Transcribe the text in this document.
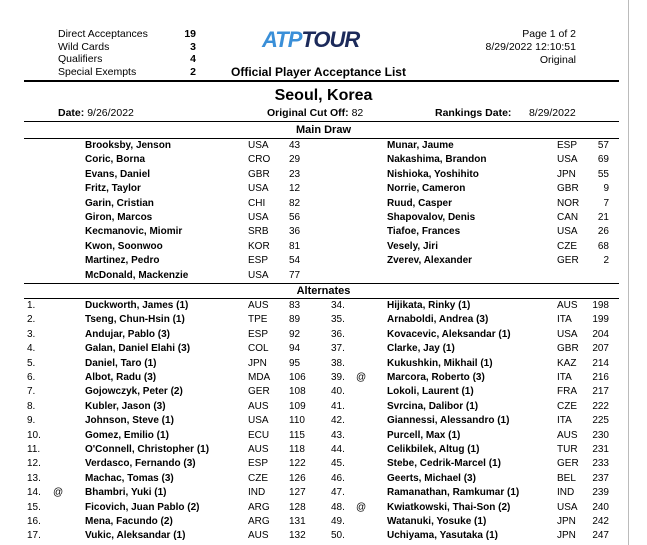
Direct Acceptances	19
Wild Cards	3
Qualifiers	4
Special Exempts	2
ATPTOUR
Official Player Acceptance List
Page 1 of 2
8/29/2022 12:10:51
Original
Seoul, Korea
Date: 9/26/2022	Original Cut Off: 82	Rankings Date: 8/29/2022
Main Draw
Brooksby, Jenson	USA 43	Munar, Jaume	ESP	57
Coric, Borna	CRO 29	Nakashima, Brandon	USA	69
Evans, Daniel	GBR 23	Nishioka, Yoshihito	JPN	55
Fritz, Taylor	USA 12	Norrie, Cameron	GBR	9
Garin, Cristian	CHI 82	Ruud, Casper	NOR	7
Giron, Marcos	USA 56	Shapovalov, Denis	CAN	21
Kecmanovic, Miomir	SRB 36	Tiafoe, Frances	USA	26
Kwon, Soonwoo	KOR 81	Vesely, Jiri	CZE	68
Martinez, Pedro	ESP 54	Zverev, Alexander	GER	2
McDonald, Mackenzie	USA 77
Alternates
1.	Duckworth, James (1)	AUS 83	34.	Hijikata, Rinky (1)	AUS	198
2.	Tseng, Chun-Hsin (1)	TPE 89	35.	Arnaboldi, Andrea (3)	ITA	199
3.	Andujar, Pablo (3)	ESP 92	36.	Kovacevic, Aleksandar (1)	USA	204
4.	Galan, Daniel Elahi (3)	COL 94	37.	Clarke, Jay (1)	GBR	207
5.	Daniel, Taro (1)	JPN 95	38.	Kukushkin, Mikhail (1)	KAZ	214
6.	Albot, Radu (3)	MDA 106	39. @ Marcora, Roberto (3)	ITA	216
7.	Gojowczyk, Peter (2)	GER 108	40.	Lokoli, Laurent (1)	FRA	217
8.	Kubler, Jason (3)	AUS 109	41.	Svrcina, Dalibor (1)	CZE	222
9.	Johnson, Steve (1)	USA 110	42.	Giannessi, Alessandro (1)	ITA	225
10.	Gomez, Emilio (1)	ECU 115	43.	Purcell, Max (1)	AUS	230
11.	O'Connell, Christopher (1)	AUS 118	44.	Celikbilek, Altug (1)	TUR	231
12.	Verdasco, Fernando (3)	ESP 122	45.	Stebe, Cedrik-Marcel (1)	GER	233
13.	Machac, Tomas (3)	CZE 126	46.	Geerts, Michael (3)	BEL	237
14. @ Bhambri, Yuki (1)	IND 127	47.	Ramanathan, Ramkumar (1)	IND	239
15.	Ficovich, Juan Pablo (2)	ARG 128	48. @ Kwiatkowski, Thai-Son (2)	USA	240
16.	Mena, Facundo (2)	ARG 131	49.	Watanuki, Yosuke (1)	JPN	242
17.	Vukic, Aleksandar (1)	AUS 132	50.	Uchiyama, Yasutaka (1)	JPN	247
